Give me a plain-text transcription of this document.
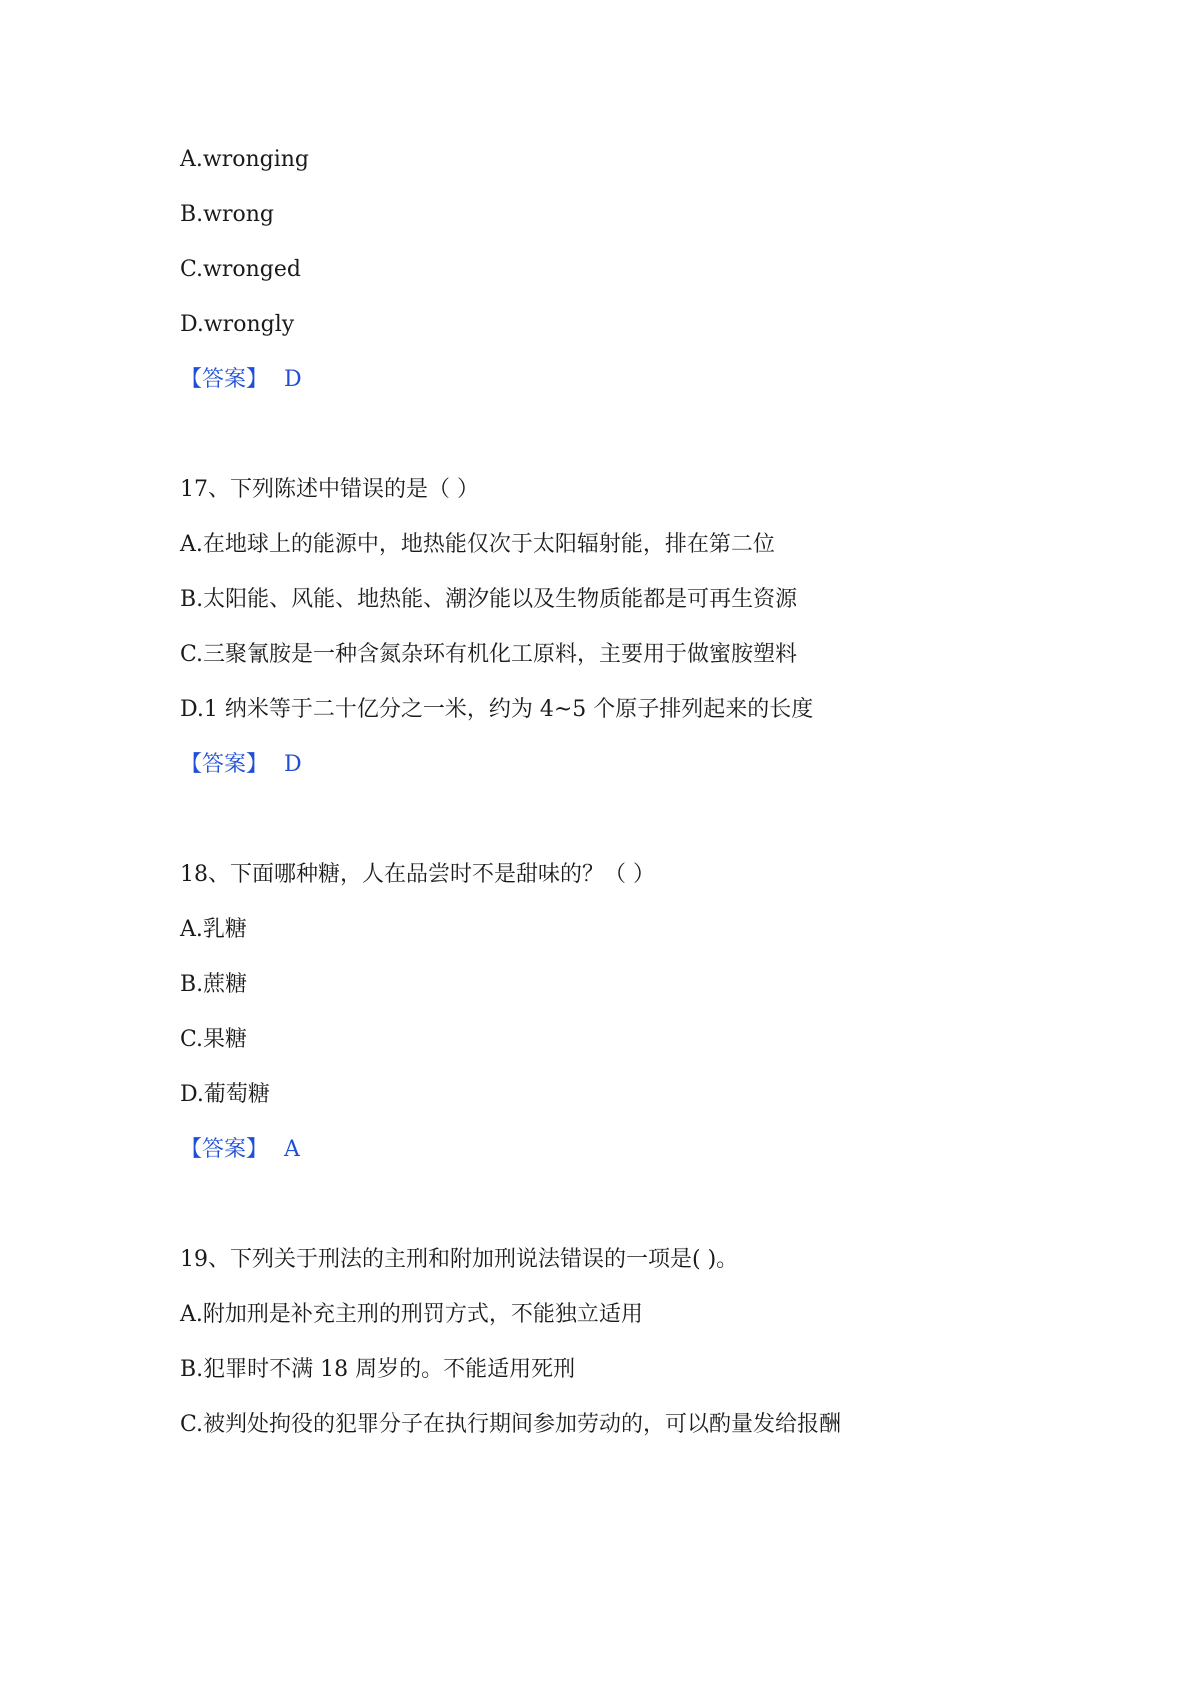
A.wronging
B.wrong
C.wronged
D.wrongly
【答案】 D
17、下列陈述中错误的是（ ）
A.在地球上的能源中，地热能仅次于太阳辐射能，排在第二位
B.太阳能、风能、地热能、潮汐能以及生物质能都是可再生资源
C.三聚氰胺是一种含氮杂环有机化工原料，主要用于做蜜胺塑料
D.1 纳米等于二十亿分之一米，约为 4~5 个原子排列起来的长度
【答案】 D
18、下面哪种糖，人在品尝时不是甜味的？（ ）
A.乳糖
B.蔗糖
C.果糖
D.葡萄糖
【答案】 A
19、下列关于刑法的主刑和附加刑说法错误的一项是( )。
A.附加刑是补充主刑的刑罚方式，不能独立适用
B.犯罪时不满 18 周岁的。不能适用死刑
C.被判处拘役的犯罪分子在执行期间参加劳动的，可以酌量发给报酬
